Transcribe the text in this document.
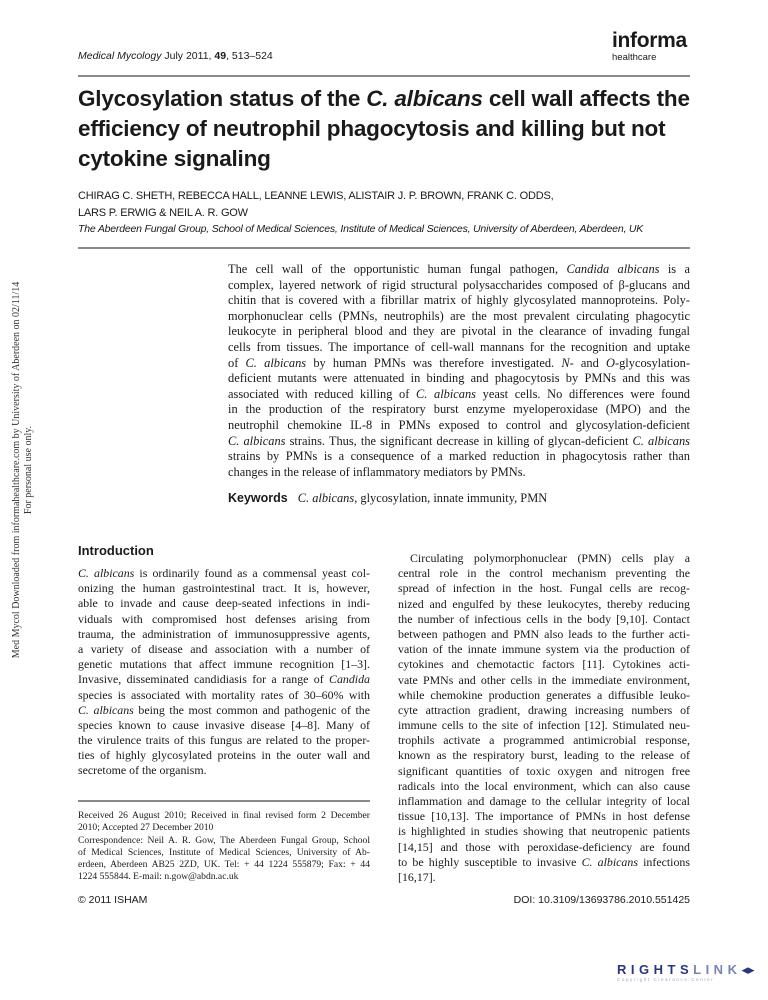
Medical Mycology July 2011, 49, 513–524
informa
healthcare
Glycosylation status of the C. albicans cell wall affects the
efficiency of neutrophil phagocytosis and killing but not
cytokine signaling
CHIRAG C. SHETH, REBECCA HALL, LEANNE LEWIS, ALISTAIR J. P. BROWN, FRANK C. ODDS,
LARS P. ERWIG & NEIL A. R. GOW
The Aberdeen Fungal Group, School of Medical Sciences, Institute of Medical Sciences, University of Aberdeen, Aberdeen, UK
The cell wall of the opportunistic human fungal pathogen, Candida albicans is a
complex, layered network of rigid structural polysaccharides composed of β-glucans and
chitin that is covered with a fibrillar matrix of highly glycosylated mannoproteins. Poly-
morphonuclear cells (PMNs, neutrophils) are the most prevalent circulating phagocytic
leukocyte in peripheral blood and they are pivotal in the clearance of invading fungal
cells from tissues. The importance of cell-wall mannans for the recognition and uptake
of C. albicans by human PMNs was therefore investigated. N- and O-glycosylation-
deficient mutants were attenuated in binding and phagocytosis by PMNs and this was
associated with reduced killing of C. albicans yeast cells. No differences were found
in the production of the respiratory burst enzyme myeloperoxidase (MPO) and the
neutrophil chemokine IL-8 in PMNs exposed to control and glycosylation-deficient
C. albicans strains. Thus, the significant decrease in killing of glycan-deficient C. albicans
strains by PMNs is a consequence of a marked reduction in phagocytosis rather than
changes in the release of inflammatory mediators by PMNs.
Keywords C. albicans, glycosylation, innate immunity, PMN
Introduction
C. albicans is ordinarily found as a commensal yeast col-
onizing the human gastrointestinal tract. It is, however,
able to invade and cause deep-seated infections in indi-
viduals with compromised host defenses arising from
trauma, the administration of immunosuppressive agents,
a variety of disease and association with a number of
genetic mutations that affect immune recognition [1–3].
Invasive, disseminated candidiasis for a range of Candida
species is associated with mortality rates of 30–60% with
C. albicans being the most common and pathogenic of the
species known to cause invasive disease [4–8]. Many of
the virulence traits of this fungus are related to the proper-
ties of highly glycosylated proteins in the outer wall and
secretome of the organism.
Circulating polymorphonuclear (PMN) cells play a
central role in the control mechanism preventing the
spread of infection in the host. Fungal cells are recog-
nized and engulfed by these leukocytes, thereby reducing
the number of infectious cells in the body [9,10]. Contact
between pathogen and PMN also leads to the further acti-
vation of the innate immune system via the production of
cytokines and chemotactic factors [11]. Cytokines acti-
vate PMNs and other cells in the immediate environment,
while chemokine production generates a diffusible leuko-
cyte attraction gradient, drawing increasing numbers of
immune cells to the site of infection [12]. Stimulated neu-
trophils activate a programmed antimicrobial response,
known as the respiratory burst, leading to the release of
significant quantities of toxic oxygen and nitrogen free
radicals into the local environment, which can also cause
inflammation and damage to the cellular integrity of local
tissue [10,13]. The importance of PMNs in host defense
is highlighted in studies showing that neutropenic patients
[14,15] and those with peroxidase-deficiency are found
to be highly susceptible to invasive C. albicans infections
[16,17].
Received 26 August 2010; Received in final revised form 2 December
2010; Accepted 27 December 2010
Correspondence: Neil A. R. Gow, The Aberdeen Fungal Group, School
of Medical Sciences, Institute of Medical Sciences, University of Ab-
erdeen, Aberdeen AB25 2ZD, UK. Tel: + 44 1224 555879; Fax: + 44
1224 555844. E-mail: n.gow@abdn.ac.uk
© 2011 ISHAM	DOI: 10.3109/13693786.2010.551425
Med Mycol Downloaded from informahealthcare.com by University of Aberdeen on 02/11/14 For personal use only.
RIGHTSLINK◂▸
Copyright Clearance Center
